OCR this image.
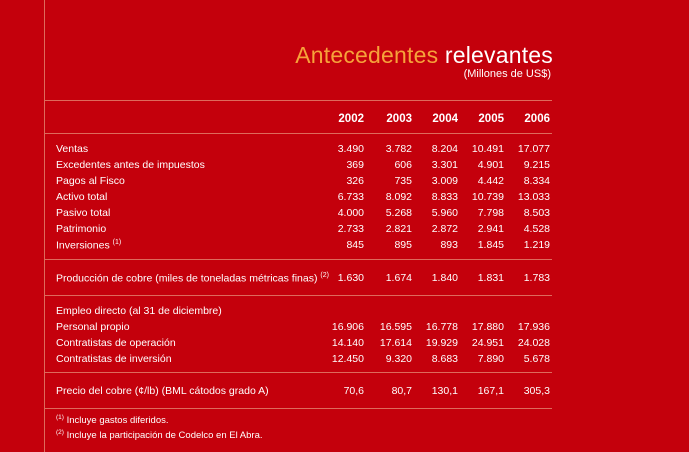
Antecedentes relevantes
(Millones de US$)
2002	2003	2004	2005	2006
Ventas	3.490	3.782	8.204	10.491	17.077
Excedentes antes de impuestos	369	606	3.301	4.901	9.215
Pagos al Fisco	326	735	3.009	4.442	8.334
Activo total	6.733	8.092	8.833	10.739	13.033
Pasivo total	4.000	5.268	5.960	7.798	8.503
Patrimonio	2.733	2.821	2.872	2.941	4.528
Inversiones $^{(1)}$	845	895	893	1.845	1.219
Producción de cobre (miles de toneladas métricas finas) $^{(2)}$ 1.630	1.674	1.840	1.831	1.783
Empleo directo (al 31 de diciembre)
Personal propio	16.906	16.595	16.778	17.880	17.936
Contratistas de operación	14.140	17.614	19.929	24.951	24.028
Contratistas de inversión	12.450	9.320	8.683	7.890	5.678
Precio del cobre (¢/lb) (BML cátodos grado A)	70,6	80,7	130,1	167,1	305,3
$^{(1)}$ Incluye gastos diferidos.
$^{(2)}$ Incluye la participación de Codelco en El Abra.
